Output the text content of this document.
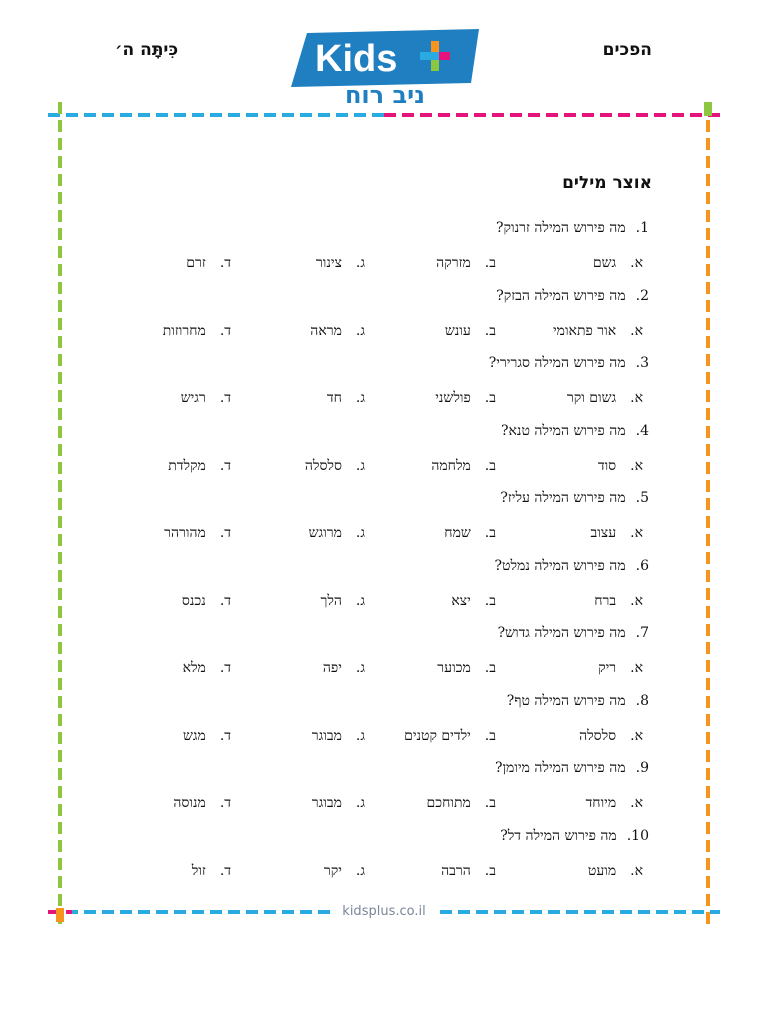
כִּיתָּה ה׳	הפכים
Kids
ניב רוח
אוצר מילים
1.מה פירוש המילה זרנוק?
א.גשם
ב.מזרקה
ג.צינור
ד.זרם
2.מה פירוש המילה הבזק?
א.אור פתאומי
ב.עונש
ג.מראה
ד.מחרוזות
3.מה פירוש המילה סגרירי?
א.גשום וקר
ב.פולשני
ג.חד
ד.רגיש
4.מה פירוש המילה טנא?
א.סוד
ב.מלחמה
ג.סלסלה
ד.מקלדת
5.מה פירוש המילה עליז?
א.עצוב
ב.שמח
ג.מרוגש
ד.מהורהר
6.מה פירוש המילה נמלט?
א.ברח
ב.יצא
ג.הלך
ד.נכנס
7.מה פירוש המילה גדוש?
א.ריק
ב.מכוער
ג.יפה
ד.מלא
8.מה פירוש המילה טף?
א.סלסלה
ב.ילדים קטנים
ג.מבוגר
ד.מגש
9.מה פירוש המילה מיומן?
א.מיוחד
ב.מתוחכם
ג.מבוגר
ד.מנוסה
10.מה פירוש המילה דל?
א.מועט
ב.הרבה
ג.יקר
ד.זול
kidsplus.co.il
